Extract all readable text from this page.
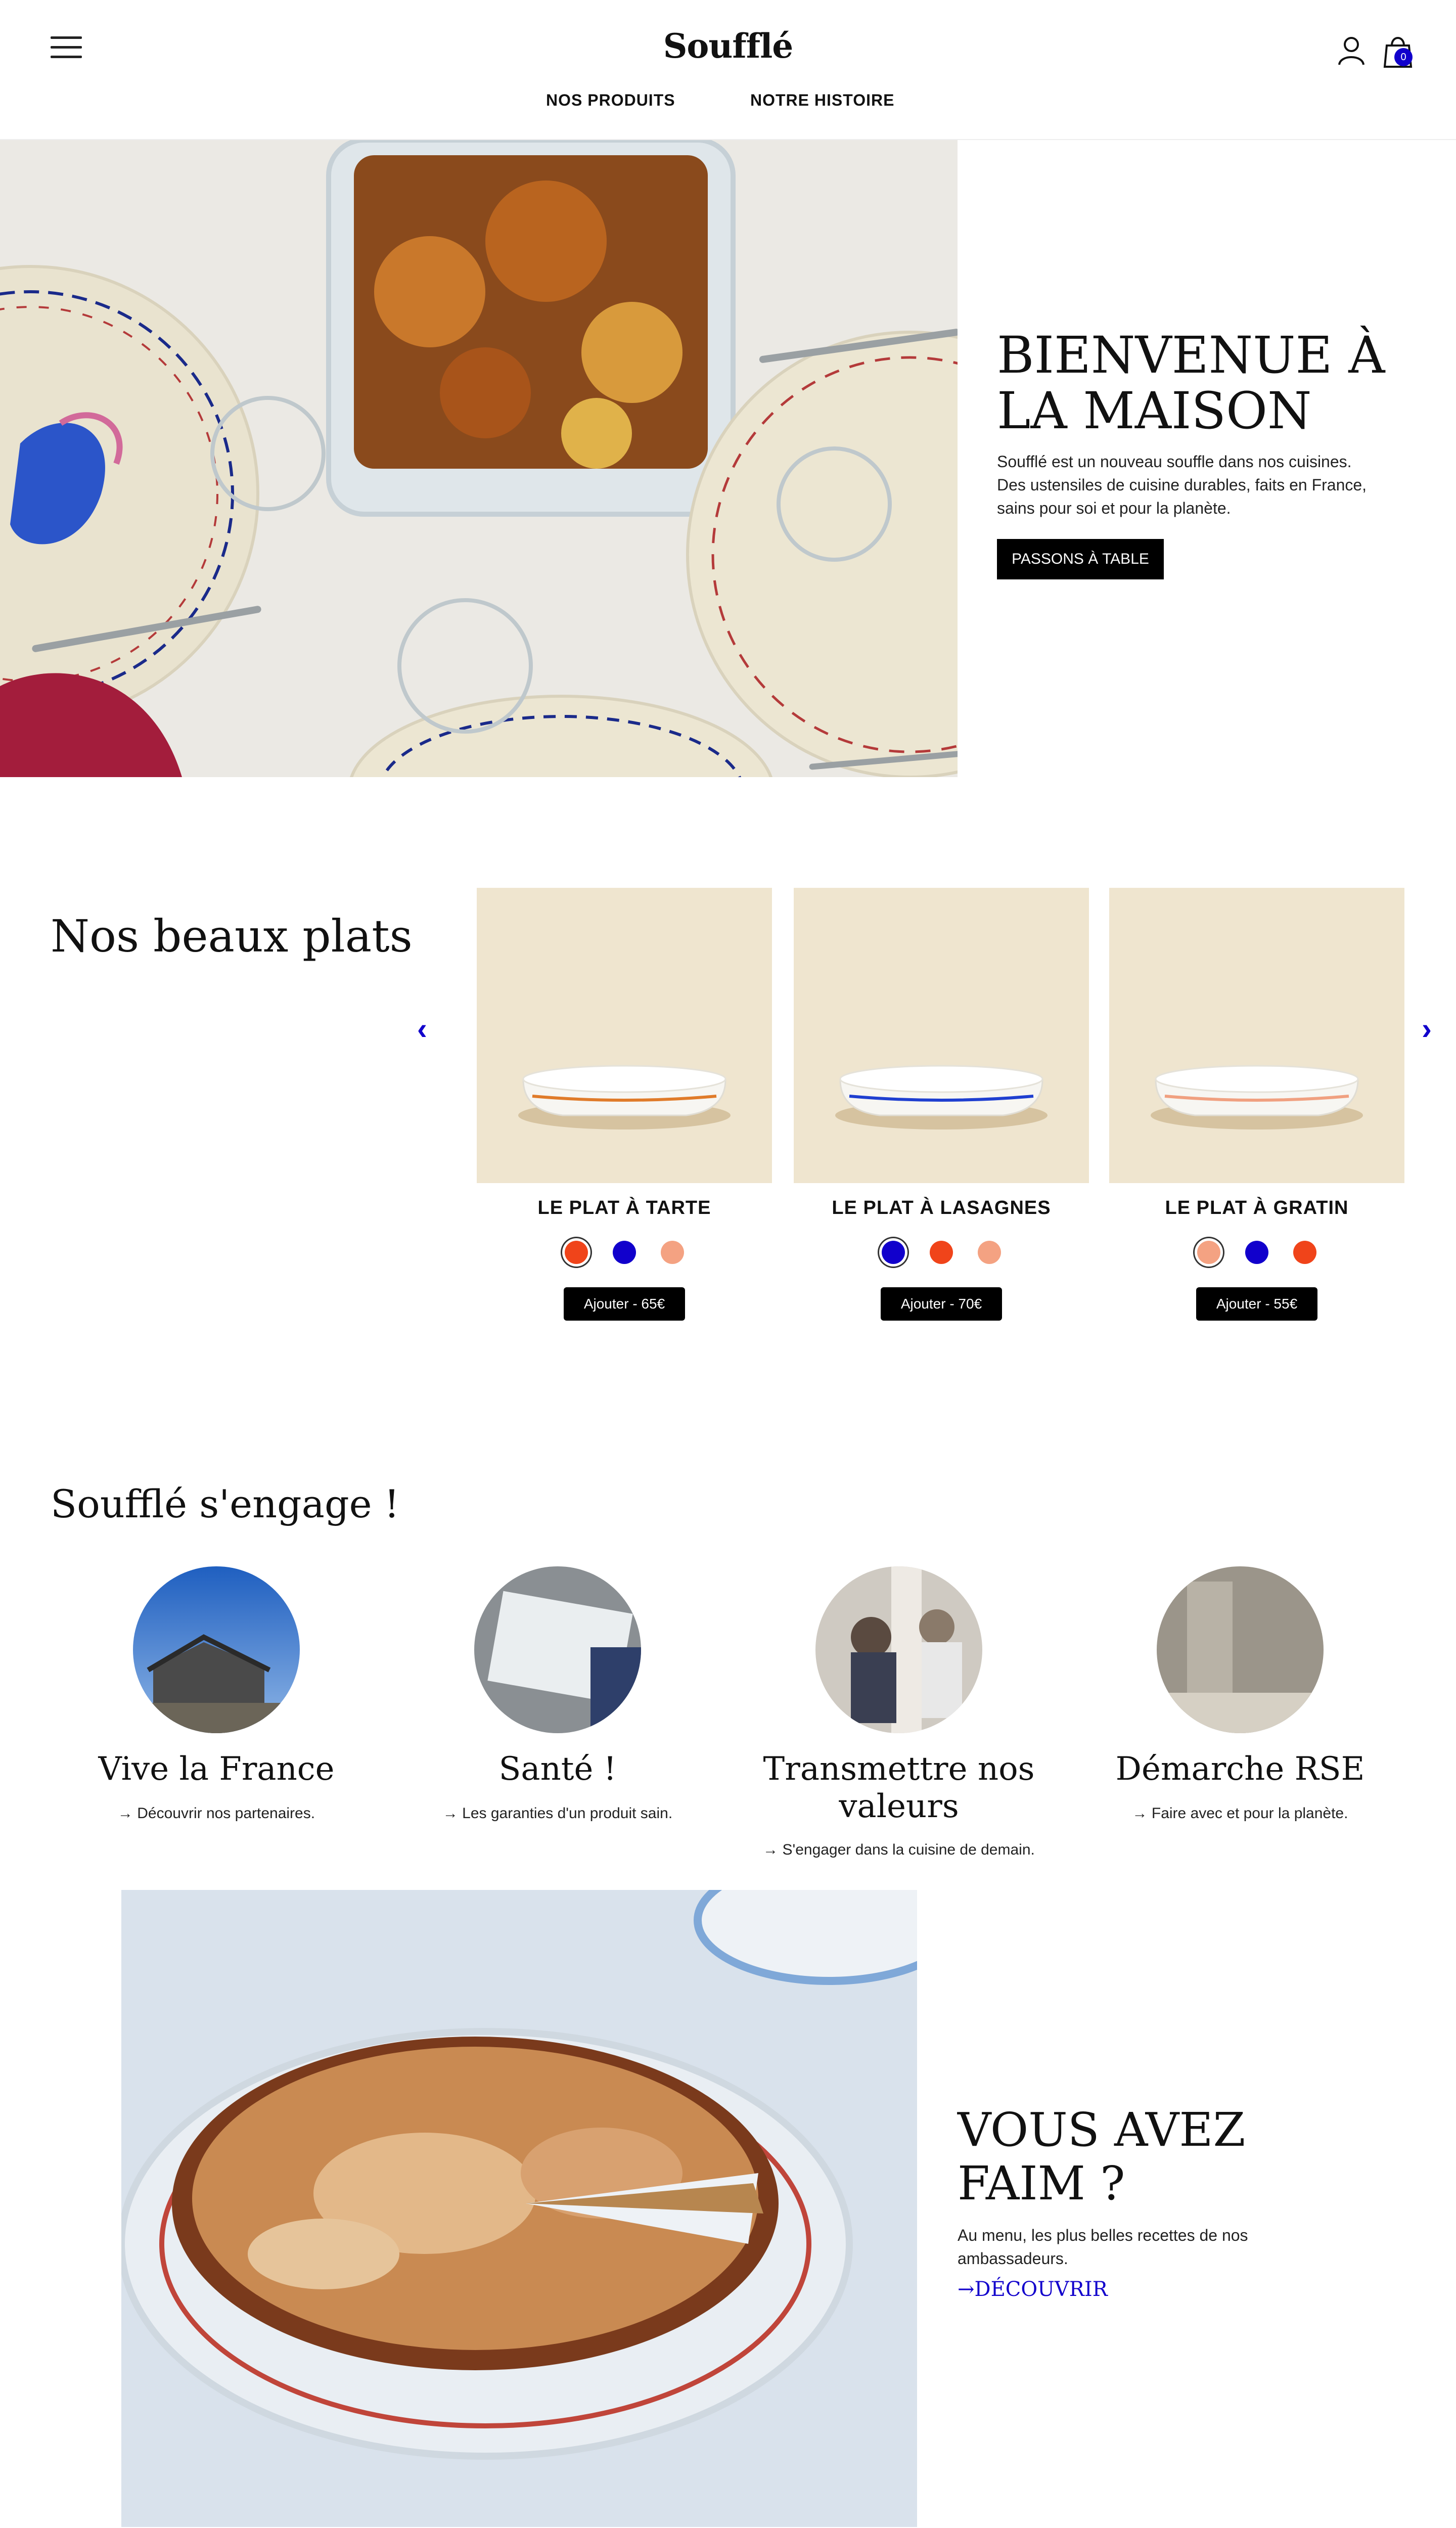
Soufflé
NOS PRODUITS	NOTRE HISTOIRE
0
BIENVENUE À LA MAISON
Soufflé est un nouveau souffle dans nos cuisines. Des ustensiles de cuisine durables, faits en France, sains pour soi et pour la planète.
PASSONS À TABLE
Nos beaux plats
‹	›
LE PLAT À TARTE
Ajouter - 65€
LE PLAT À LASAGNES
Ajouter - 70€
LE PLAT À GRATIN
Ajouter - 55€
Soufflé s'engage !
Vive la France
→ Découvrir nos partenaires.
Santé !
→ Les garanties d'un produit sain.
Transmettre nos valeurs
→ S'engager dans la cuisine de demain.
Démarche RSE
→ Faire avec et pour la planète.
VOUS AVEZ FAIM ?
Au menu, les plus belles recettes de nos ambassadeurs.
→DÉCOUVRIR
